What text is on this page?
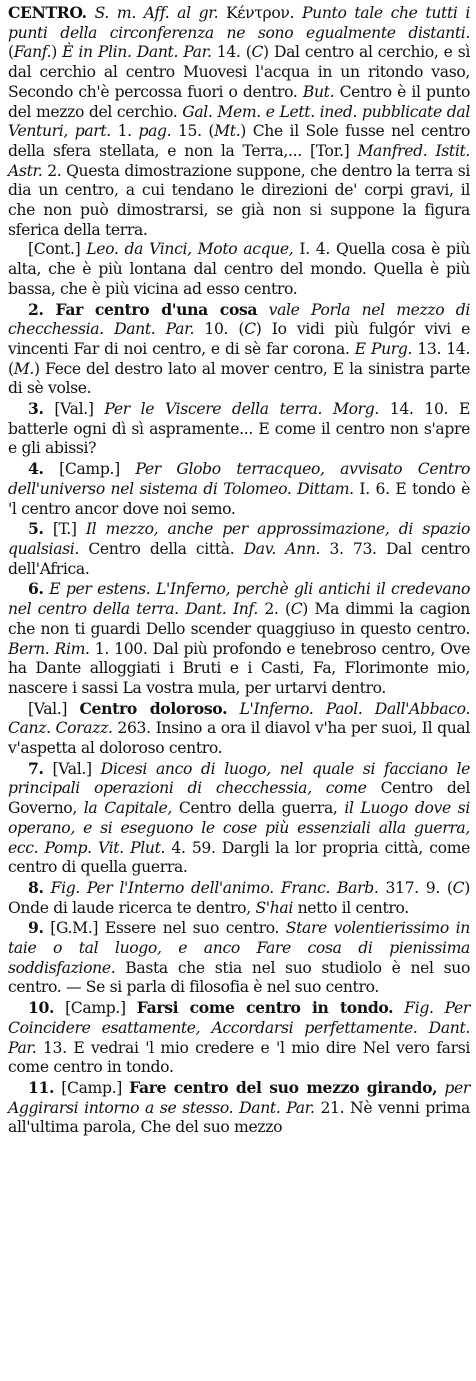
CENTRO. S. m. Aff. al gr. Κέντρον. Punto tale che tutti i punti della circonferenza ne sono egualmente distanti. (Fanf.) È in Plin. Dant. Par. 14. (C) Dal centro al cerchio, e sì dal cerchio al centro Muovesi l'acqua in un ritondo vaso, Secondo ch'è percossa fuori o dentro. But. Centro è il punto del mezzo del cerchio. Gal. Mem. e Lett. ined. pubblicate dal Venturi, part. 1. pag. 15. (Mt.) Che il Sole fusse nel centro della sfera stellata, e non la Terra,... [Tor.] Manfred. Istit. Astr. 2. Questa dimostrazione suppone, che dentro la terra si dia un centro, a cui tendano le direzioni de' corpi gravi, il che non può dimostrarsi, se già non si suppone la figura sferica della terra.

[Cont.] Leo. da Vinci, Moto acque, I. 4. Quella cosa è più alta, che è più lontana dal centro del mondo. Quella è più bassa, che è più vicina ad esso centro.

2. Far centro d'una cosa vale Porla nel mezzo di checchessia. Dant. Par. 10. (C) Io vidi più fulgór vivi e vincenti Far di noi centro, e di sè far corona. E Purg. 13. 14. (M.) Fece del destro lato al mover centro, E la sinistra parte di sè volse.

3. [Val.] Per le Viscere della terra. Morg. 14. 10. E batterle ogni dì sì aspramente... E come il centro non s'apre e gli abissi?

4. [Camp.] Per Globo terracqueo, avvisato Centro dell'universo nel sistema di Tolomeo. Dittam. I. 6. E tondo è 'l centro ancor dove noi semo.

5. [T.] Il mezzo, anche per approssimazione, di spazio qualsiasi. Centro della città. Dav. Ann. 3. 73. Dal centro dell'Africa.

6. E per estens. L'Inferno, perchè gli antichi il credevano nel centro della terra. Dant. Inf. 2. (C) Ma dimmi la cagion che non ti guardi Dello scender quaggiuso in questo centro. Bern. Rim. 1. 100. Dal più profondo e tenebroso centro, Ove ha Dante alloggiati i Bruti e i Casti, Fa, Florimonte mio, nascere i sassi La vostra mula, per urtarvi dentro.

[Val.] Centro doloroso. L'Inferno. Paol. Dall'Abbaco. Canz. Corazz. 263. Insino a ora il diavol v'ha per suoi, Il qual v'aspetta al doloroso centro.

7. [Val.] Dicesi anco di luogo, nel quale si facciano le principali operazioni di checchessia, come Centro del Governo, la Capitale, Centro della guerra, il Luogo dove si operano, e si eseguono le cose più essenziali alla guerra, ecc. Pomp. Vit. Plut. 4. 59. Dargli la lor propria città, come centro di quella guerra.

8. Fig. Per l'Interno dell'animo. Franc. Barb. 317. 9. (C) Onde di laude ricerca te dentro, S'hai netto il centro.

9. [G.M.] Essere nel suo centro. Stare volentierissimo in taie o tal luogo, e anco Fare cosa di pienissima soddisfazione. Basta che stia nel suo studiolo è nel suo centro. — Se si parla di filosofia è nel suo centro.

10. [Camp.] Farsi come centro in tondo. Fig. Per Coincidere esattamente, Accordarsi perfettamente. Dant. Par. 13. E vedrai 'l mio credere e 'l mio dire Nel vero farsi come centro in tondo.

11. [Camp.] Fare centro del suo mezzo girando, per Aggirarsi intorno a se stesso. Dant. Par. 21. Nè venni prima all'ultima parola, Che del suo mezzo
